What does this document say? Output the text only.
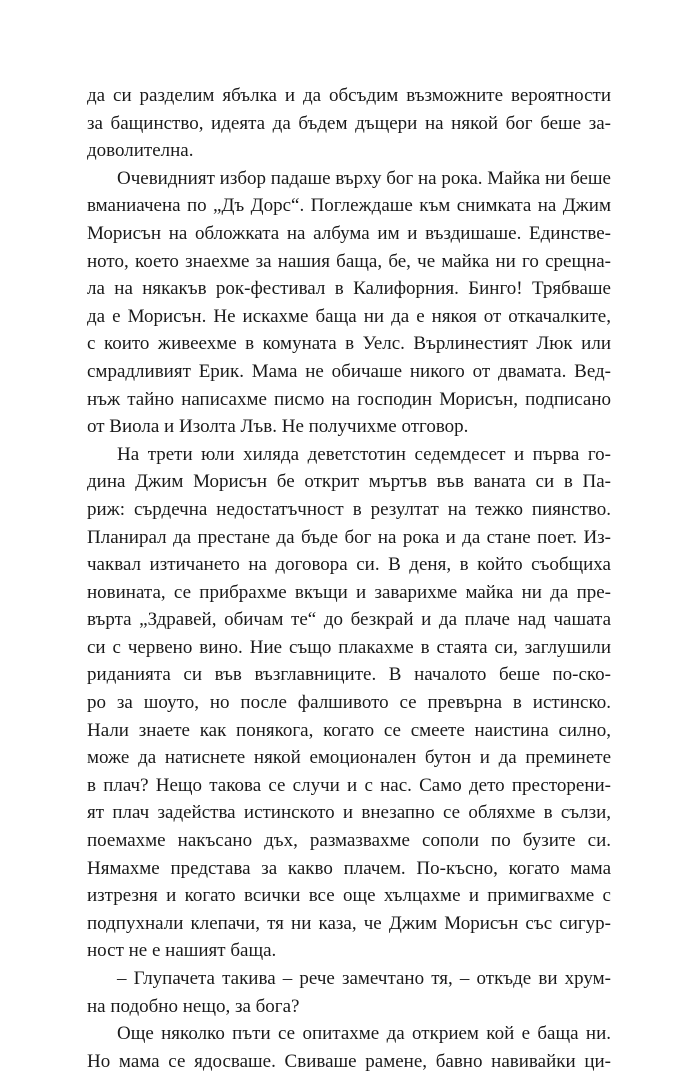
да си разделим ябълка и да обсъдим възможните вероятности
за бащинство, идеята да бъдем дъщери на някой бог беше за-
доволителна.
Очевидният избор падаше върху бог на рока. Майка ни беше
вманиачена по „Дъ Дорс“. Поглеждаше към снимката на Джим
Морисън на обложката на албума им и въздишаше. Единстве-
ното, което знаехме за нашия баща, бе, че майка ни го срещна-
ла на някакъв рок-фестивал в Калифорния. Бинго! Трябваше
да е Морисън. Не искахме баща ни да е някоя от откачалките,
с които живеехме в комуната в Уелс. Върлинестият Люк или
смрадливият Ерик. Мама не обичаше никого от двамата. Вед-
нъж тайно написахме писмо на господин Морисън, подписано
от Виола и Изолта Лъв. Не получихме отговор.
На трети юли хиляда деветстотин седемдесет и първа го-
дина Джим Морисън бе открит мъртъв във ваната си в Па-
риж: сърдечна недостатъчност в резултат на тежко пиянство.
Планирал да престане да бъде бог на рока и да стане поет. Из-
чаквал изтичането на договора си. В деня, в който съобщиха
новината, се прибрахме вкъщи и заварихме майка ни да пре-
върта „Здравей, обичам те“ до безкрай и да плаче над чашата
си с червено вино. Ние също плакахме в стаята си, заглушили
риданията си във възглавниците. В началото беше по-ско-
ро за шоуто, но после фалшивото се превърна в истинско.
Нали знаете как понякога, когато се смеете наистина силно,
може да натиснете някой емоционален бутон и да преминете
в плач? Нещо такова се случи и с нас. Само дето престорени-
ят плач задейства истинското и внезапно се обляхме в сълзи,
поемахме накъсано дъх, размазвахме сополи по бузите си.
Нямахме представа за какво плачем. По-късно, когато мама
изтрезня и когато всички все още хълцахме и примигвахме с
подпухнали клепачи, тя ни каза, че Джим Морисън със сигур-
ност не е нашият баща.
– Глупачета такива – рече замечтано тя, – откъде ви хрум-
на подобно нещо, за бога?
Още няколко пъти се опитахме да открием кой е баща ни.
Но мама се ядосваше. Свиваше рамене, бавно навивайки ци-
